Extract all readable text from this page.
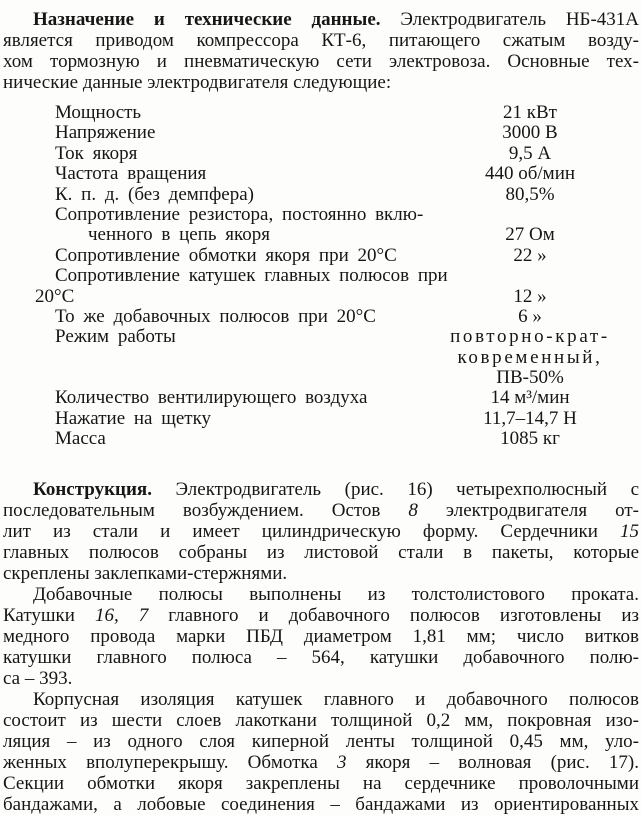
Назначение и технические данные. Электродвигатель НБ-431А
является приводом компрессора КТ-6, питающего сжатым возду-
хом тормозную и пневматическую сети электровоза. Основные тех-
нические данные электродвигателя следующие:
Мощность	21 кВт
Напряжение	3000 В
Ток якоря	9,5 А
Частота вращения	440 об/мин
К. п. д. (без демпфера)	80,5%
Сопротивление резистора, постоянно вклю-
ченного в цепь якоря	27 Ом
Сопротивление обмотки якоря при 20°С	22 »
Сопротивление катушек главных полюсов при
20°С	12 »
То же добавочных полюсов при 20°С	6 »
Режим работы	повторно-крат-
ковременный,
ПВ-50%
Количество вентилирующего воздуха	14 м³/мин
Нажатие на щетку	11,7–14,7 Н
Масса	1085 кг
Конструкция. Электродвигатель (рис. 16) четырехполюсный с
последовательным возбуждением. Остов 8 электродвигателя от-
лит из стали и имеет цилиндрическую форму. Сердечники 15
главных полюсов собраны из листовой стали в пакеты, которые
скреплены заклепками-стержнями.
Добавочные полюсы выполнены из толстолистового проката.
Катушки 16, 7 главного и добавочного полюсов изготовлены из
медного провода марки ПБД диаметром 1,81 мм; число витков
катушки главного полюса – 564, катушки добавочного полю-
са – 393.
Корпусная изоляция катушек главного и добавочного полюсов
состоит из шести слоев лакоткани толщиной 0,2 мм, покровная изо-
ляция – из одного слоя киперной ленты толщиной 0,45 мм, уло-
женных вполуперекрышу. Обмотка 3 якоря – волновая (рис. 17).
Секции обмотки якоря закреплены на сердечнике проволочными
бандажами, а лобовые соединения – бандажами из ориентированных
